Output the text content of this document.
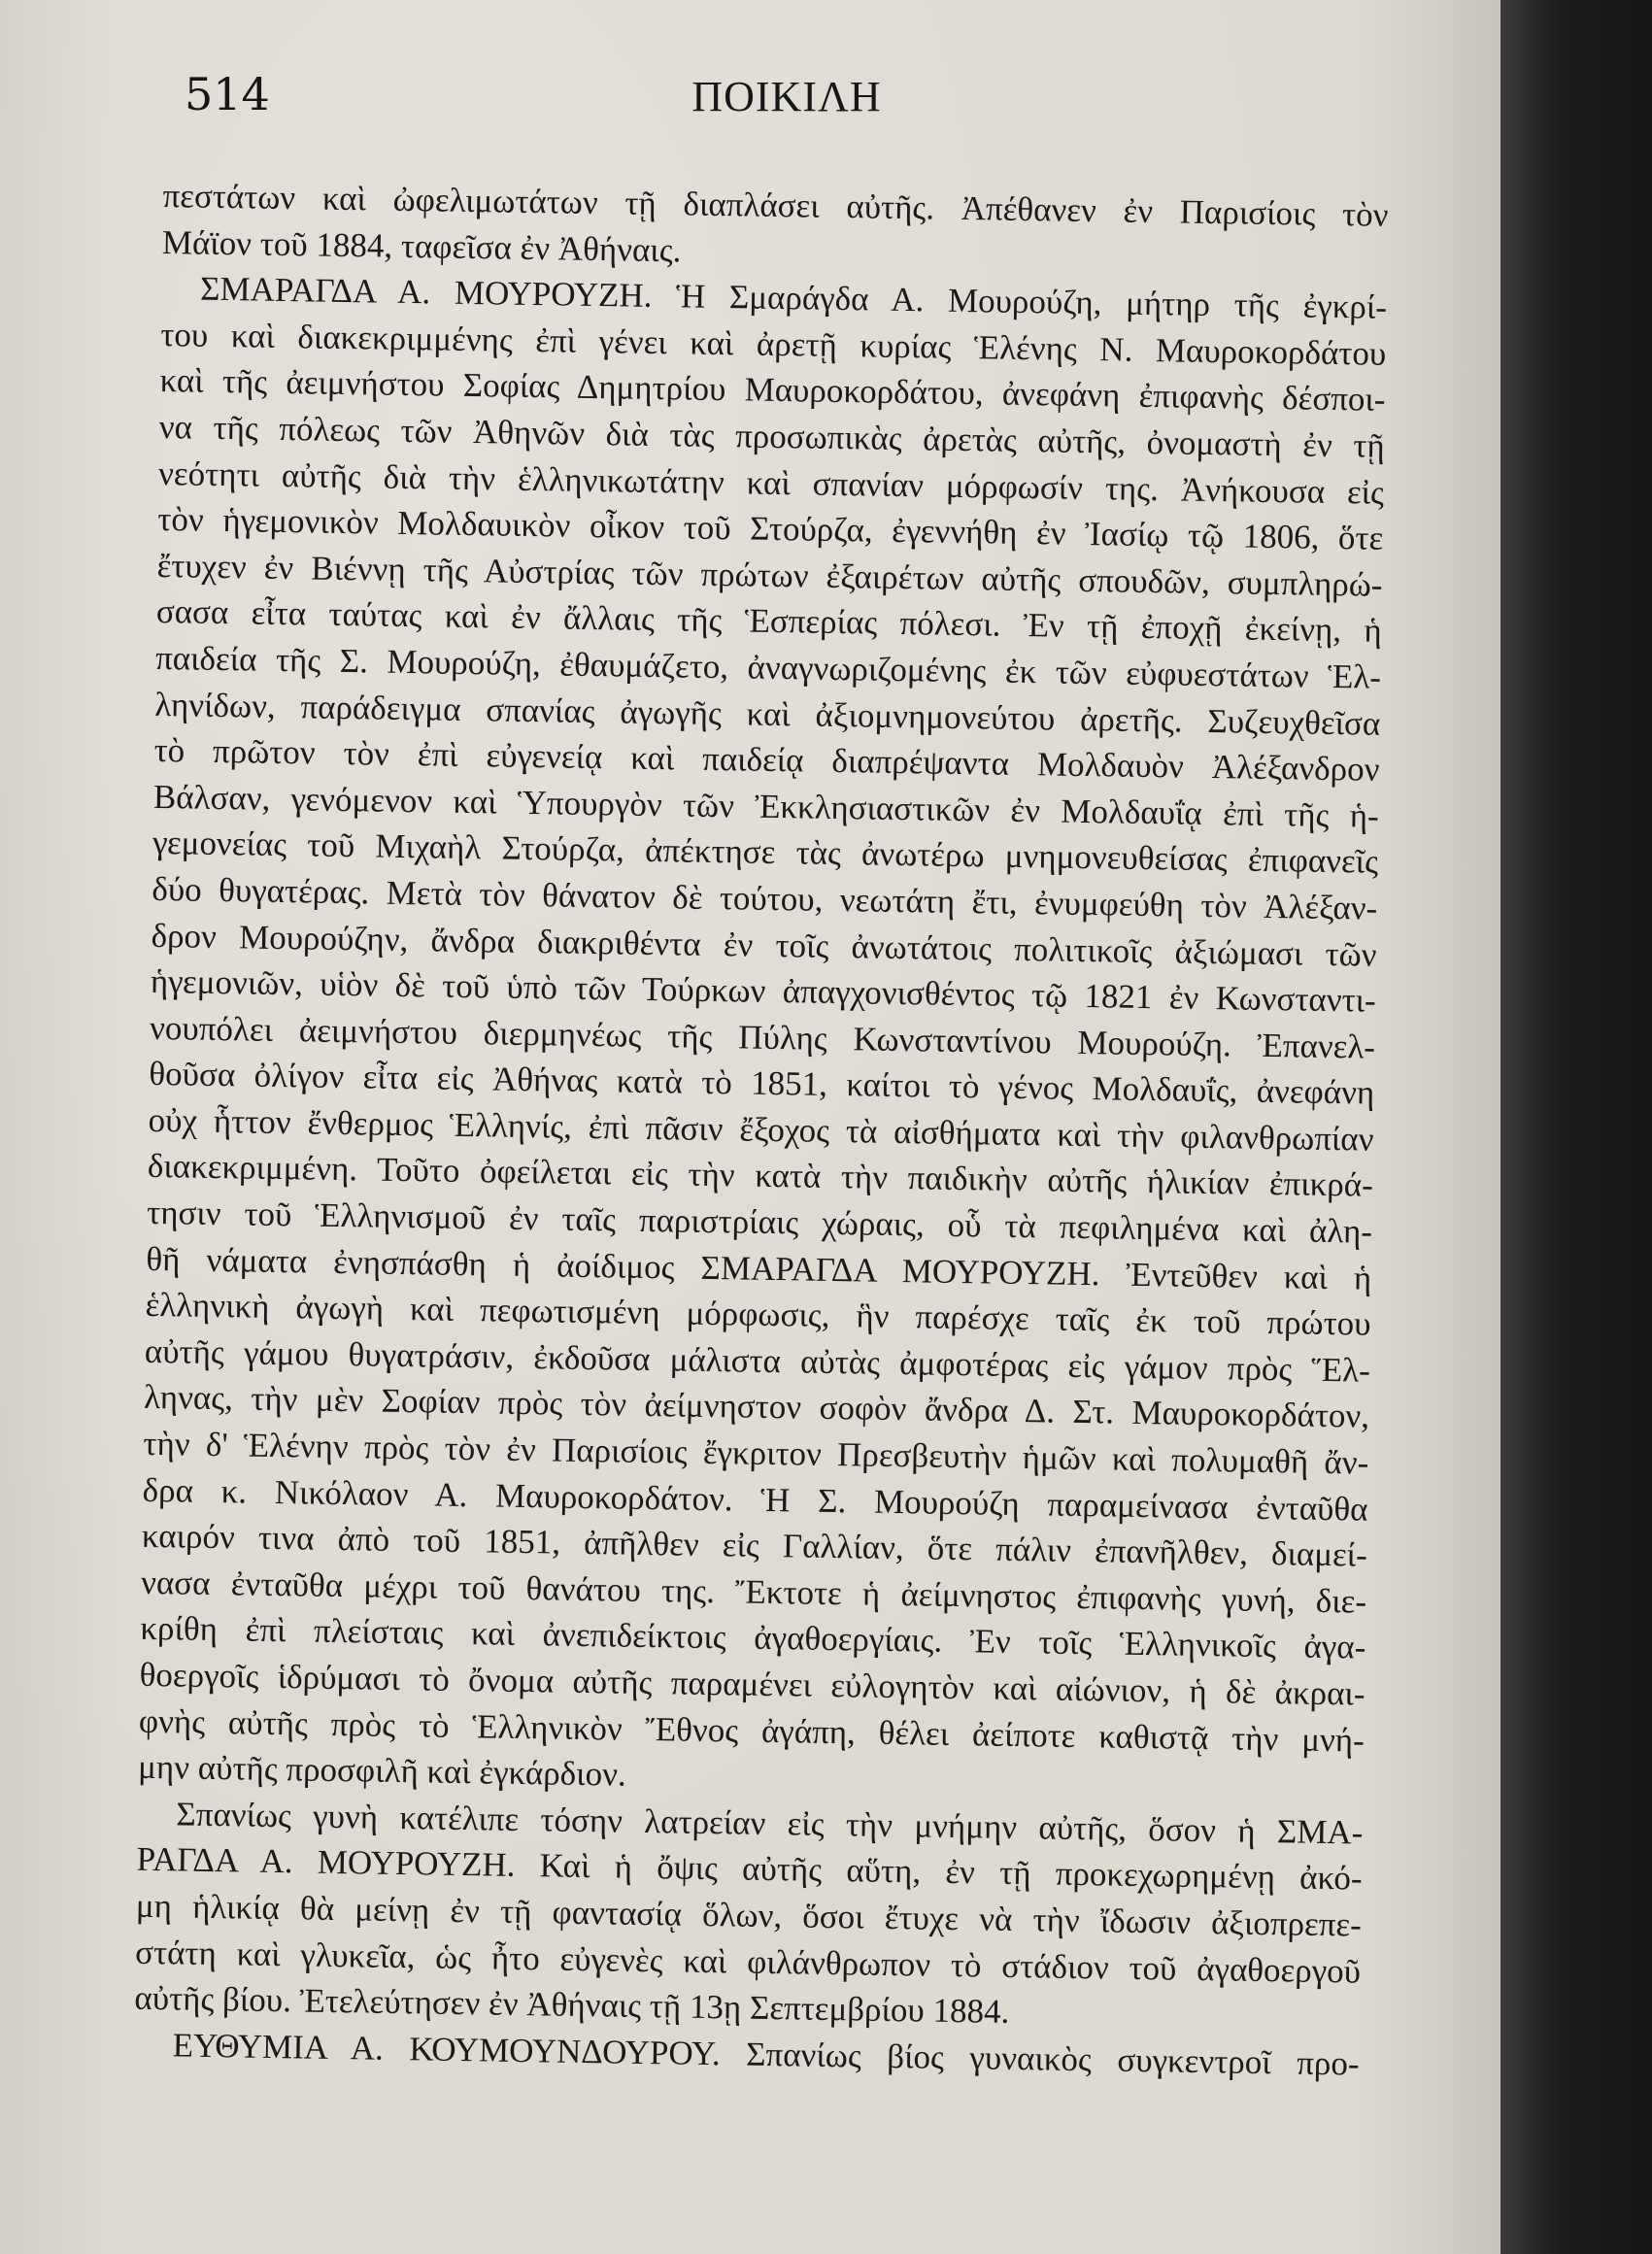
514	ΠΟΙΚΙΛΗ
πεστάτων καὶ ὠφελιμωτάτων τῇ διαπλάσει αὐτῆς. Ἀπέθανεν ἐν Παρισίοις τὸν
Μάϊον τοῦ 1884, ταφεῖσα ἐν Ἀθήναις.
ΣΜΑΡΑΓΔΑ Α. ΜΟΥΡΟΥΖΗ. Ἡ Σμαράγδα Α. Μουρούζη, μήτηρ τῆς ἐγκρί-
του καὶ διακεκριμμένης ἐπὶ γένει καὶ ἀρετῇ κυρίας Ἑλένης Ν. Μαυροκορδάτου
καὶ τῆς ἀειμνήστου Σοφίας Δημητρίου Μαυροκορδάτου, ἀνεφάνη ἐπιφανὴς δέσποι-
να τῆς πόλεως τῶν Ἀθηνῶν διὰ τὰς προσωπικὰς ἀρετὰς αὐτῆς, ὀνομαστὴ ἐν τῇ
νεότητι αὐτῆς διὰ τὴν ἑλληνικωτάτην καὶ σπανίαν μόρφωσίν της. Ἀνήκουσα εἰς
τὸν ἡγεμονικὸν Μολδαυικὸν οἶκον τοῦ Στούρζα, ἐγεννήθη ἐν Ἰασίῳ τῷ 1806, ὅτε
ἔτυχεν ἐν Βιέννῃ τῆς Αὐστρίας τῶν πρώτων ἐξαιρέτων αὐτῆς σπουδῶν, συμπληρώ-
σασα εἶτα ταύτας καὶ ἐν ἄλλαις τῆς Ἑσπερίας πόλεσι. Ἐν τῇ ἐποχῇ ἐκείνῃ, ἡ
παιδεία τῆς Σ. Μουρούζη, ἐθαυμάζετο, ἀναγνωριζομένης ἐκ τῶν εὐφυεστάτων Ἑλ-
ληνίδων, παράδειγμα σπανίας ἀγωγῆς καὶ ἀξιομνημονεύτου ἀρετῆς. Συζευχθεῖσα
τὸ πρῶτον τὸν ἐπὶ εὐγενείᾳ καὶ παιδείᾳ διαπρέψαντα Μολδαυὸν Ἀλέξανδρον
Βάλσαν, γενόμενον καὶ Ὑπουργὸν τῶν Ἐκκλησιαστικῶν ἐν Μολδαυΐᾳ ἐπὶ τῆς ἡ-
γεμονείας τοῦ Μιχαὴλ Στούρζα, ἀπέκτησε τὰς ἀνωτέρω μνημονευθείσας ἐπιφανεῖς
δύο θυγατέρας. Μετὰ τὸν θάνατον δὲ τούτου, νεωτάτη ἔτι, ἐνυμφεύθη τὸν Ἀλέξαν-
δρον Μουρούζην, ἄνδρα διακριθέντα ἐν τοῖς ἀνωτάτοις πολιτικοῖς ἀξιώμασι τῶν
ἡγεμονιῶν, υἱὸν δὲ τοῦ ὑπὸ τῶν Τούρκων ἀπαγχονισθέντος τῷ 1821 ἐν Κωνσταντι-
νουπόλει ἀειμνήστου διερμηνέως τῆς Πύλης Κωνσταντίνου Μουρούζη. Ἐπανελ-
θοῦσα ὀλίγον εἶτα εἰς Ἀθήνας κατὰ τὸ 1851, καίτοι τὸ γένος Μολδαυΐς, ἀνεφάνη
οὐχ ἧττον ἔνθερμος Ἑλληνίς, ἐπὶ πᾶσιν ἔξοχος τὰ αἰσθήματα καὶ τὴν φιλανθρωπίαν
διακεκριμμένη. Τοῦτο ὀφείλεται εἰς τὴν κατὰ τὴν παιδικὴν αὐτῆς ἡλικίαν ἐπικρά-
τησιν τοῦ Ἑλληνισμοῦ ἐν ταῖς παριστρίαις χώραις, οὗ τὰ πεφιλημένα καὶ ἀλη-
θῆ νάματα ἐνησπάσθη ἡ ἀοίδιμος ΣΜΑΡΑΓΔΑ ΜΟΥΡΟΥΖΗ. Ἐντεῦθεν καὶ ἡ
ἑλληνικὴ ἀγωγὴ καὶ πεφωτισμένη μόρφωσις, ἣν παρέσχε ταῖς ἐκ τοῦ πρώτου
αὐτῆς γάμου θυγατράσιν, ἐκδοῦσα μάλιστα αὐτὰς ἀμφοτέρας εἰς γάμον πρὸς Ἕλ-
ληνας, τὴν μὲν Σοφίαν πρὸς τὸν ἀείμνηστον σοφὸν ἄνδρα Δ. Στ. Μαυροκορδάτον,
τὴν δ' Ἑλένην πρὸς τὸν ἐν Παρισίοις ἔγκριτον Πρεσβευτὴν ἡμῶν καὶ πολυμαθῆ ἄν-
δρα κ. Νικόλαον Α. Μαυροκορδάτον. Ἡ Σ. Μουρούζη παραμείνασα ἐνταῦθα
καιρόν τινα ἀπὸ τοῦ 1851, ἀπῆλθεν εἰς Γαλλίαν, ὅτε πάλιν ἐπανῆλθεν, διαμεί-
νασα ἐνταῦθα μέχρι τοῦ θανάτου της. Ἔκτοτε ἡ ἀείμνηστος ἐπιφανὴς γυνή, διε-
κρίθη ἐπὶ πλείσταις καὶ ἀνεπιδείκτοις ἀγαθοεργίαις. Ἐν τοῖς Ἑλληνικοῖς ἀγα-
θοεργοῖς ἱδρύμασι τὸ ὄνομα αὐτῆς παραμένει εὐλογητὸν καὶ αἰώνιον, ἡ δὲ ἀκραι-
φνὴς αὐτῆς πρὸς τὸ Ἑλληνικὸν Ἔθνος ἀγάπη, θέλει ἀείποτε καθιστᾷ τὴν μνή-
μην αὐτῆς προσφιλῆ καὶ ἐγκάρδιον.
Σπανίως γυνὴ κατέλιπε τόσην λατρείαν εἰς τὴν μνήμην αὐτῆς, ὅσον ἡ ΣΜΑ-
ΡΑΓΔΑ Α. ΜΟΥΡΟΥΖΗ. Καὶ ἡ ὄψις αὐτῆς αὕτη, ἐν τῇ προκεχωρημένῃ ἀκό-
μη ἡλικίᾳ θὰ μείνῃ ἐν τῇ φαντασίᾳ ὅλων, ὅσοι ἔτυχε νὰ τὴν ἴδωσιν ἀξιοπρεπε-
στάτη καὶ γλυκεῖα, ὡς ἦτο εὐγενὲς καὶ φιλάνθρωπον τὸ στάδιον τοῦ ἀγαθοεργοῦ
αὐτῆς βίου. Ἐτελεύτησεν ἐν Ἀθήναις τῇ 13ῃ Σεπτεμβρίου 1884.
ΕΥΘΥΜΙΑ Α. ΚΟΥΜΟΥΝΔΟΥΡΟΥ. Σπανίως βίος γυναικὸς συγκεντροῖ προ-
